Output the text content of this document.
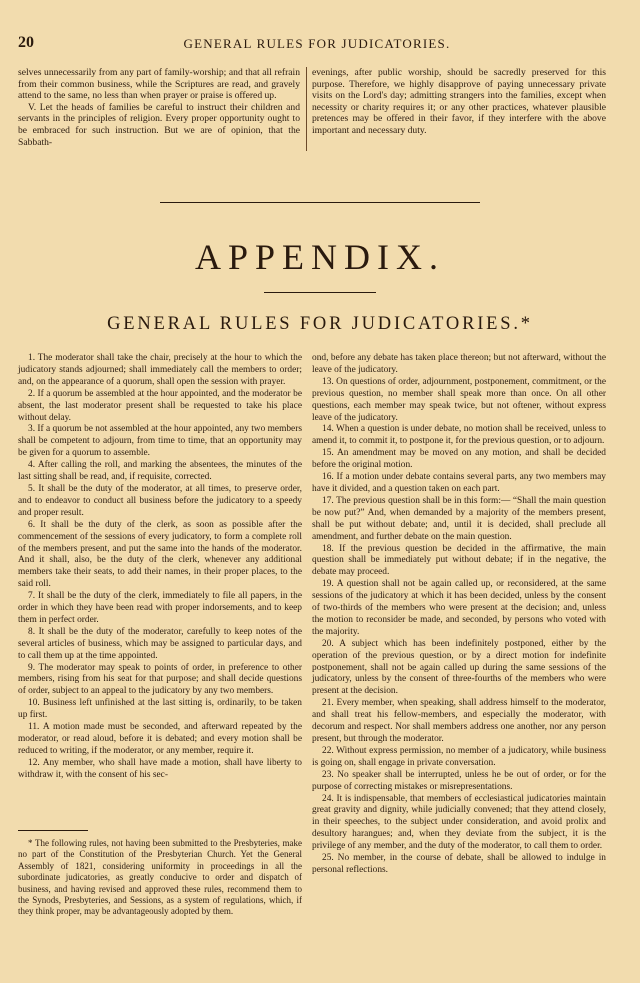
20	GENERAL RULES FOR JUDICATORIES.

selves unnecessarily from any part of family-worship; and that all refrain from their common business, while the Scriptures are read, and gravely attend to the same, no less than when prayer or praise is offered up.

V. Let the heads of families be careful to instruct their children and servants in the principles of religion. Every proper opportunity ought to be embraced for such instruction. But we are of opinion, that the Sabbath-

evenings, after public worship, should be sacredly preserved for this purpose. Therefore, we highly disapprove of paying unnecessary private visits on the Lord's day; admitting strangers into the families, except when necessity or charity requires it; or any other practices, whatever plausible pretences may be offered in their favor, if they interfere with the above important and necessary duty.

APPENDIX.
GENERAL RULES FOR JUDICATORIES.*

1. The moderator shall take the chair, precisely at the hour to which the judicatory stands adjourned; shall immediately call the members to order; and, on the appearance of a quorum, shall open the session with prayer.

2. If a quorum be assembled at the hour appointed, and the moderator be absent, the last moderator present shall be requested to take his place without delay.

3. If a quorum be not assembled at the hour appointed, any two members shall be competent to adjourn, from time to time, that an opportunity may be given for a quorum to assemble.

4. After calling the roll, and marking the absentees, the minutes of the last sitting shall be read, and, if requisite, corrected.

5. It shall be the duty of the moderator, at all times, to preserve order, and to endeavor to conduct all business before the judicatory to a speedy and proper result.

6. It shall be the duty of the clerk, as soon as possible after the commencement of the sessions of every judicatory, to form a complete roll of the members present, and put the same into the hands of the moderator. And it shall, also, be the duty of the clerk, whenever any additional members take their seats, to add their names, in their proper places, to the said roll.

7. It shall be the duty of the clerk, immediately to file all papers, in the order in which they have been read with proper indorsements, and to keep them in perfect order.

8. It shall be the duty of the moderator, carefully to keep notes of the several articles of business, which may be assigned to particular days, and to call them up at the time appointed.

9. The moderator may speak to points of order, in preference to other members, rising from his seat for that purpose; and shall decide questions of order, subject to an appeal to the judicatory by any two members.

10. Business left unfinished at the last sitting is, ordinarily, to be taken up first.

11. A motion made must be seconded, and afterward repeated by the moderator, or read aloud, before it is debated; and every motion shall be reduced to writing, if the moderator, or any member, require it.

12. Any member, who shall have made a motion, shall have liberty to withdraw it, with the consent of his sec-

ond, before any debate has taken place thereon; but not afterward, without the leave of the judicatory.

13. On questions of order, adjournment, postponement, commitment, or the previous question, no member shall speak more than once. On all other questions, each member may speak twice, but not oftener, without express leave of the judicatory.

14. When a question is under debate, no motion shall be received, unless to amend it, to commit it, to postpone it, for the previous question, or to adjourn.

15. An amendment may be moved on any motion, and shall be decided before the original motion.

16. If a motion under debate contains several parts, any two members may have it divided, and a question taken on each part.

17. The previous question shall be in this form:— “Shall the main question be now put?” And, when demanded by a majority of the members present, shall be put without debate; and, until it is decided, shall preclude all amendment, and further debate on the main question.

18. If the previous question be decided in the affirmative, the main question shall be immediately put without debate; if in the negative, the debate may proceed.

19. A question shall not be again called up, or reconsidered, at the same sessions of the judicatory at which it has been decided, unless by the consent of two-thirds of the members who were present at the decision; and, unless the motion to reconsider be made, and seconded, by persons who voted with the majority.

20. A subject which has been indefinitely postponed, either by the operation of the previous question, or by a direct motion for indefinite postponement, shall not be again called up during the same sessions of the judicatory, unless by the consent of three-fourths of the members who were present at the decision.

21. Every member, when speaking, shall address himself to the moderator, and shall treat his fellow-members, and especially the moderator, with decorum and respect. Nor shall members address one another, nor any person present, but through the moderator.

22. Without express permission, no member of a judicatory, while business is going on, shall engage in private conversation.

23. No speaker shall be interrupted, unless he be out of order, or for the purpose of correcting mistakes or misrepresentations.

24. It is indispensable, that members of ecclesiastical judicatories maintain great gravity and dignity, while judicially convened; that they attend closely, in their speeches, to the subject under consideration, and avoid prolix and desultory harangues; and, when they deviate from the subject, it is the privilege of any member, and the duty of the moderator, to call them to order.

25. No member, in the course of debate, shall be allowed to indulge in personal reflections.

* The following rules, not having been submitted to the Presbyteries, make no part of the Constitution of the Presbyterian Church. Yet the General Assembly of 1821, considering uniformity in proceedings in all the subordinate judicatories, as greatly conducive to order and dispatch of business, and having revised and approved these rules, recommend them to the Synods, Presbyteries, and Sessions, as a system of regulations, which, if they think proper, may be advantageously adopted by them.
